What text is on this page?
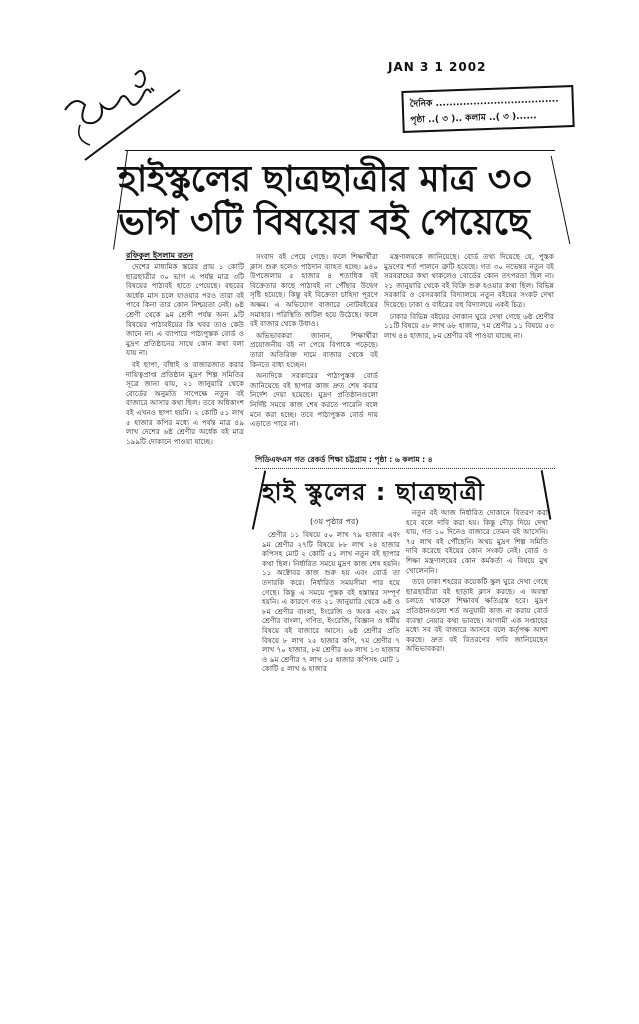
JAN 3 1 2002
দৈনিক ....................................
পৃষ্ঠা ..( ৩ ).. কলাম ..( ৩ )......
হাইস্কুলের ছাত্রছাত্রীর মাত্র ৩০
ভাগ ৩টি বিষয়ের বই পেয়েছে
রফিকুল ইসলাম রতন

দেশের মাধ্যমিক স্তরের প্রায় ১ কোটি ছাত্রছাত্রীর ৩০ ভাগ এ পর্যন্ত মাত্র ৩টি বিষয়ের পাঠ্যবই হাতে পেয়েছে। বছরের অর্ধেক মাস চলে যাওয়ার পরও তারা বই পাবে কিনা তার কোন নিশ্চয়তা নেই। ৬ষ্ঠ শ্রেণী থেকে ৯ম শ্রেণী পর্যন্ত অন্য ৯টি বিষয়ের পাঠ্যবইয়ের কি খবর তাও কেউ জানে না। এ ব্যাপারে পাঠ্যপুস্তক বোর্ড ও মুদ্রণ প্রতিষ্ঠানের সাথে কোন কথা বলা যায় না।

বই ছাপা, বাঁধাই ও বাজারজাত করার দায়িত্বপ্রাপ্ত প্রতিষ্ঠান মুদ্রণ শিল্প সমিতির সূত্রে জানা যায়, ২১ জানুয়ারি থেকে বোর্ডের অনুমতি সাপেক্ষে নতুন বই বাজারে আসার কথা ছিল। তবে অধিকাংশ বই এখনও ছাপা হয়নি। ২ কোটি ৫১ লাখ ৫ হাজার কপির মধ্যে এ পর্যন্ত মাত্র ৪৯ লাখ দেশের ৬ষ্ঠ শ্রেণীর অর্ধেক বই মাত্র ১৯৯টি দোকানে পাওয়া যাচ্ছে।

সংবাদ বই পেয়ে গেছে। ফলে শিক্ষার্থীরা ক্লাস শুরু হলেও পাঠদান ব্যাহত হচ্ছে। ৯৪০ উপজেলায় ৫ হাজার ৪ শতাধিক বই বিক্রেতার কাছে পাঠ্যবই না পৌঁছার উদ্বেগ সৃষ্টি হয়েছে। কিন্তু বই বিক্রেতা চাহিদা পূরণে অক্ষম। এ অভিযোগ বাজারে নোটবইয়ের সমাহার। পরিস্থিতি জটিল হয়ে উঠেছে। ফলে বই বাজার থেকে উধাও।

অভিভাবকরা জানান, শিক্ষার্থীরা প্রয়োজনীয় বই না পেয়ে বিপাকে পড়েছে। তারা অতিরিক্ত দামে বাজার থেকে বই কিনতে বাধ্য হচ্ছেন।

অন্যদিকে সরকারের পাঠ্যপুস্তক বোর্ড জানিয়েছে বই ছাপার কাজ দ্রুত শেষ করার নির্দেশ দেয়া হয়েছে। মুদ্রণ প্রতিষ্ঠানগুলো নির্দিষ্ট সময়ে কাজ শেষ করতে পারেনি বলে মনে করা হচ্ছে। তবে পাঠ্যপুস্তক বোর্ড দায় এড়াতে পারে না।

মন্ত্রণালয়কে জানিয়েছে। বোর্ড তথ্য দিয়েছে যে, পুস্তক মুদ্রণের শর্ত পালনে ত্রুটি হয়েছে। গত ৩০ নভেম্বর নতুন বই সরবরাহের কথা থাকলেও বোর্ডের কোন তৎপরতা ছিল না। ২১ জানুয়ারি থেকে বই বিক্রি শুরু হওয়ার কথা ছিল। বিভিন্ন সরকারি ও বেসরকারি বিদ্যালয়ে নতুন বইয়ের সংকট দেখা দিয়েছে। ঢাকা ও বাইরের বহু বিদ্যালয়ে একই চিত্র।

ঢাকার বিভিন্ন বইয়ের দোকান ঘুরে দেখা গেছে ৬ষ্ঠ শ্রেণীর ১১টি বিষয়ে ৫৮ লাখ ৬৮ হাজার, ৭ম শ্রেণীর ১১ বিষয়ে ৫৩ লাখ ৪৪ হাজার, ৮ম শ্রেণীর বই পাওয়া যাচ্ছে না।

পিডিএফএস গত রেকর্ড শিক্ষা চট্টগ্রাম : পৃষ্ঠা : ৬ কলাম : ৪
হাই স্কুলের : ছাত্রছাত্রী
(৩য় পৃষ্ঠার পর)

শ্রেণীর ১১ বিষয়ে ৫০ লাখ ৭৯ হাজার এবং ৯ম শ্রেণীর ২৭টি বিষয়ে ৮৮ লাখ ২৪ হাজার কপিসহ মোট ২ কোটি ৫১ লাখ নতুন বই ছাপার কথা ছিল। নির্ধারিত সময়ে মুদ্রণ কাজ শেষ হয়নি। ১১ অক্টোবর কাজ শুরু হয় এবং বোর্ড তা তদারকি করে। নির্ধারিত সময়সীমা পার হয়ে গেছে। কিন্তু এ সময়ে পুস্তক বই হস্তান্তর সম্পূর্ণ হয়নি। এ কারণে গত ২১ জানুয়ারি থেকে ৬ষ্ঠ ও ৮ম শ্রেণীর বাংলা, ইংরেজি ও অংক এবং ৯ম শ্রেণীর বাংলা, গণিত, ইংরেজি, বিজ্ঞান ও ধর্মীয় বিষয়ে বই বাজারে আসে। ৬ষ্ঠ শ্রেণীর প্রতি বিষয়ে ৮ লাখ ২৫ হাজার কপি, ৭ম শ্রেণীর ৭ লাখ ৭০ হাজার, ৮ম শ্রেণীর ৬৬ লাখ ১৩ হাজার ও ৯ম শ্রেণীর ৭ লাখ ১৫ হাজার কপিসহ মোট ১ কোটি ৫ লাখ ৬ হাজার

নতুন বই আজ নির্ধারিত দোকানে বিতরণ করা হবে বলে দাবি করা হয়। কিন্তু দৌড় দিয়ে দেখা যায়, গত ১০ দিনেও বাজারে তেমন বই আসেনি। ৭৫ লাখ বই পৌঁছেনি। অথচ মুদ্রণ শিল্প সমিতি দাবি করেছে বইয়ের কোন সংকট নেই। বোর্ড ও শিক্ষা মন্ত্রণালয়ের কোন কর্মকর্তা এ বিষয়ে মুখ খোলেননি।

তবে ঢাকা শহরের কয়েকটি স্কুল ঘুরে দেখা গেছে ছাত্রছাত্রীরা বই ছাড়াই ক্লাস করছে। এ অবস্থা চলতে থাকলে শিক্ষাবর্ষ ক্ষতিগ্রস্ত হবে। মুদ্রণ প্রতিষ্ঠানগুলো শর্ত অনুযায়ী কাজ না করায় বোর্ড ব্যবস্থা নেয়ার কথা ভাবছে। আগামী এক সপ্তাহের মধ্যে সব বই বাজারে আসবে বলে কর্তৃপক্ষ আশা করছে। দ্রুত বই বিতরণের দাবি জানিয়েছেন অভিভাবকরা।
